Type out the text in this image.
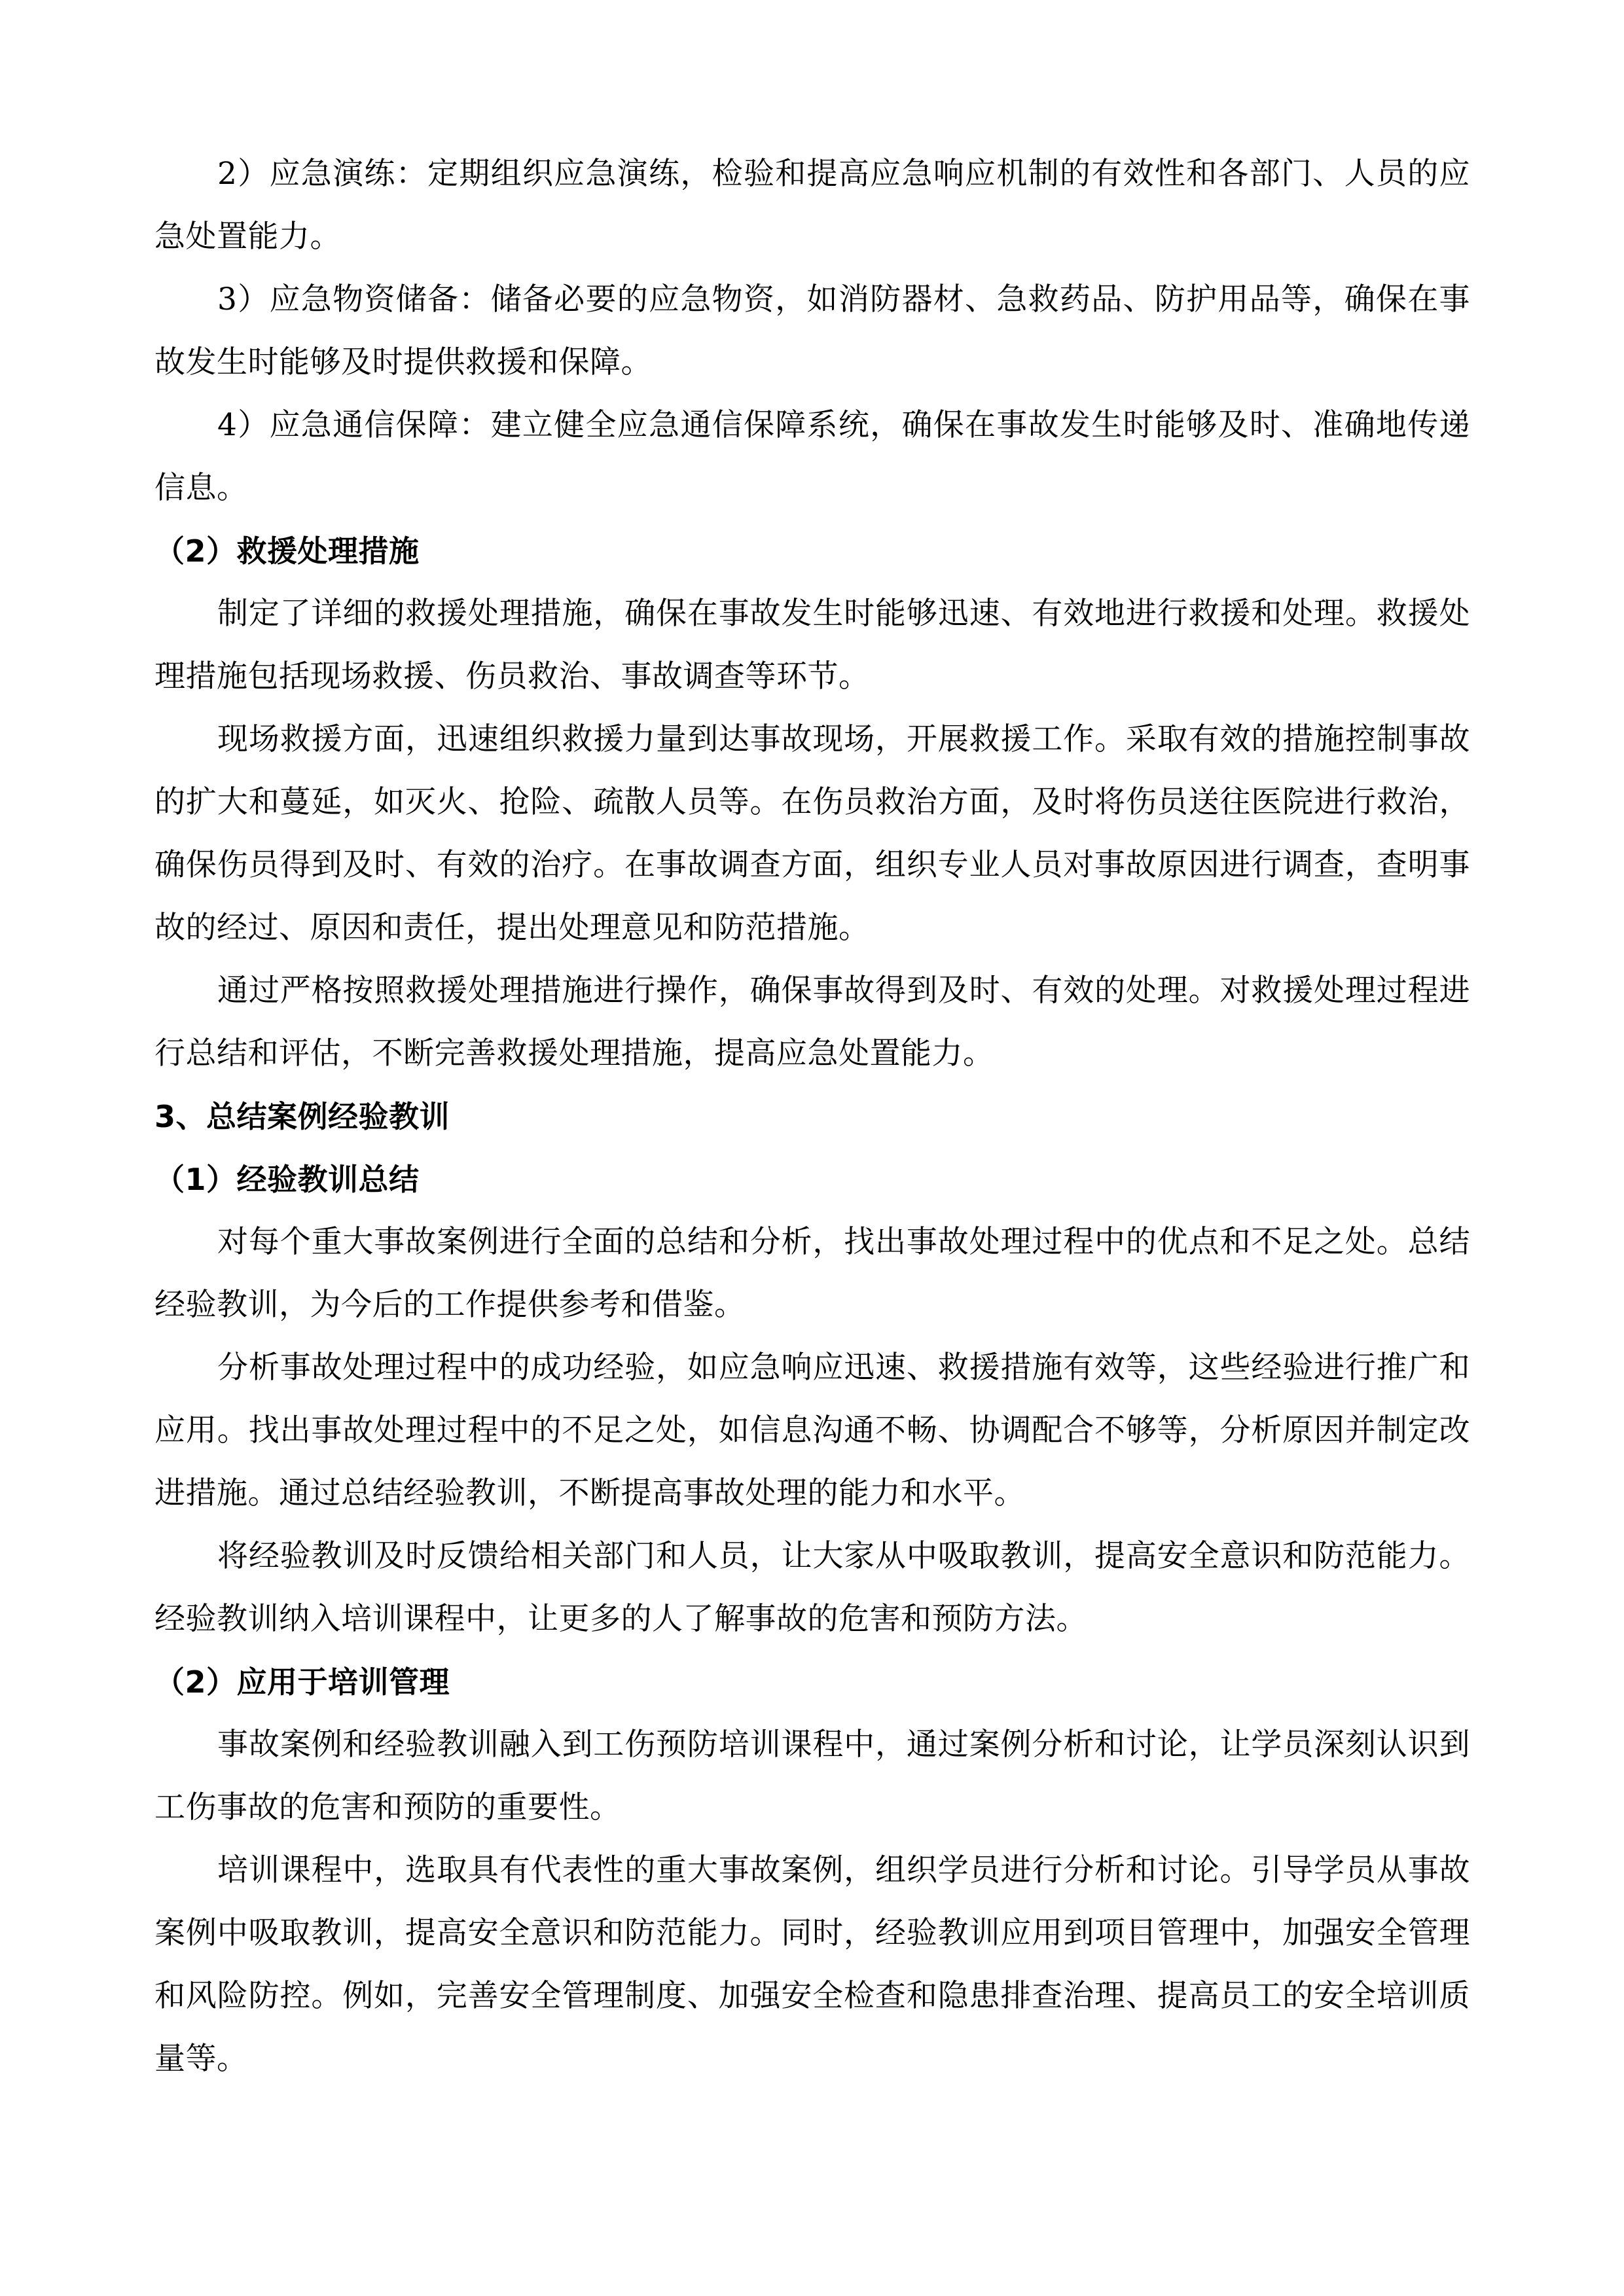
2）应急演练：定期组织应急演练，检验和提高应急响应机制的有效性和各部门、人员的应急处置能力。

3）应急物资储备：储备必要的应急物资，如消防器材、急救药品、防护用品等，确保在事故发生时能够及时提供救援和保障。

4）应急通信保障：建立健全应急通信保障系统，确保在事故发生时能够及时、准确地传递信息。

（2）救援处理措施

制定了详细的救援处理措施，确保在事故发生时能够迅速、有效地进行救援和处理。救援处理措施包括现场救援、伤员救治、事故调查等环节。

现场救援方面，迅速组织救援力量到达事故现场，开展救援工作。采取有效的措施控制事故的扩大和蔓延，如灭火、抢险、疏散人员等。在伤员救治方面，及时将伤员送往医院进行救治，确保伤员得到及时、有效的治疗。在事故调查方面，组织专业人员对事故原因进行调查，查明事故的经过、原因和责任，提出处理意见和防范措施。

通过严格按照救援处理措施进行操作，确保事故得到及时、有效的处理。对救援处理过程进行总结和评估，不断完善救援处理措施，提高应急处置能力。

3、总结案例经验教训
（1）经验教训总结

对每个重大事故案例进行全面的总结和分析，找出事故处理过程中的优点和不足之处。总结经验教训，为今后的工作提供参考和借鉴。

分析事故处理过程中的成功经验，如应急响应迅速、救援措施有效等，这些经验进行推广和应用。找出事故处理过程中的不足之处，如信息沟通不畅、协调配合不够等，分析原因并制定改进措施。通过总结经验教训，不断提高事故处理的能力和水平。

将经验教训及时反馈给相关部门和人员，让大家从中吸取教训，提高安全意识和防范能力。经验教训纳入培训课程中，让更多的人了解事故的危害和预防方法。

（2）应用于培训管理

事故案例和经验教训融入到工伤预防培训课程中，通过案例分析和讨论，让学员深刻认识到工伤事故的危害和预防的重要性。

培训课程中，选取具有代表性的重大事故案例，组织学员进行分析和讨论。引导学员从事故案例中吸取教训，提高安全意识和防范能力。同时，经验教训应用到项目管理中，加强安全管理和风险防控。例如，完善安全管理制度、加强安全检查和隐患排查治理、提高员工的安全培训质量等。
